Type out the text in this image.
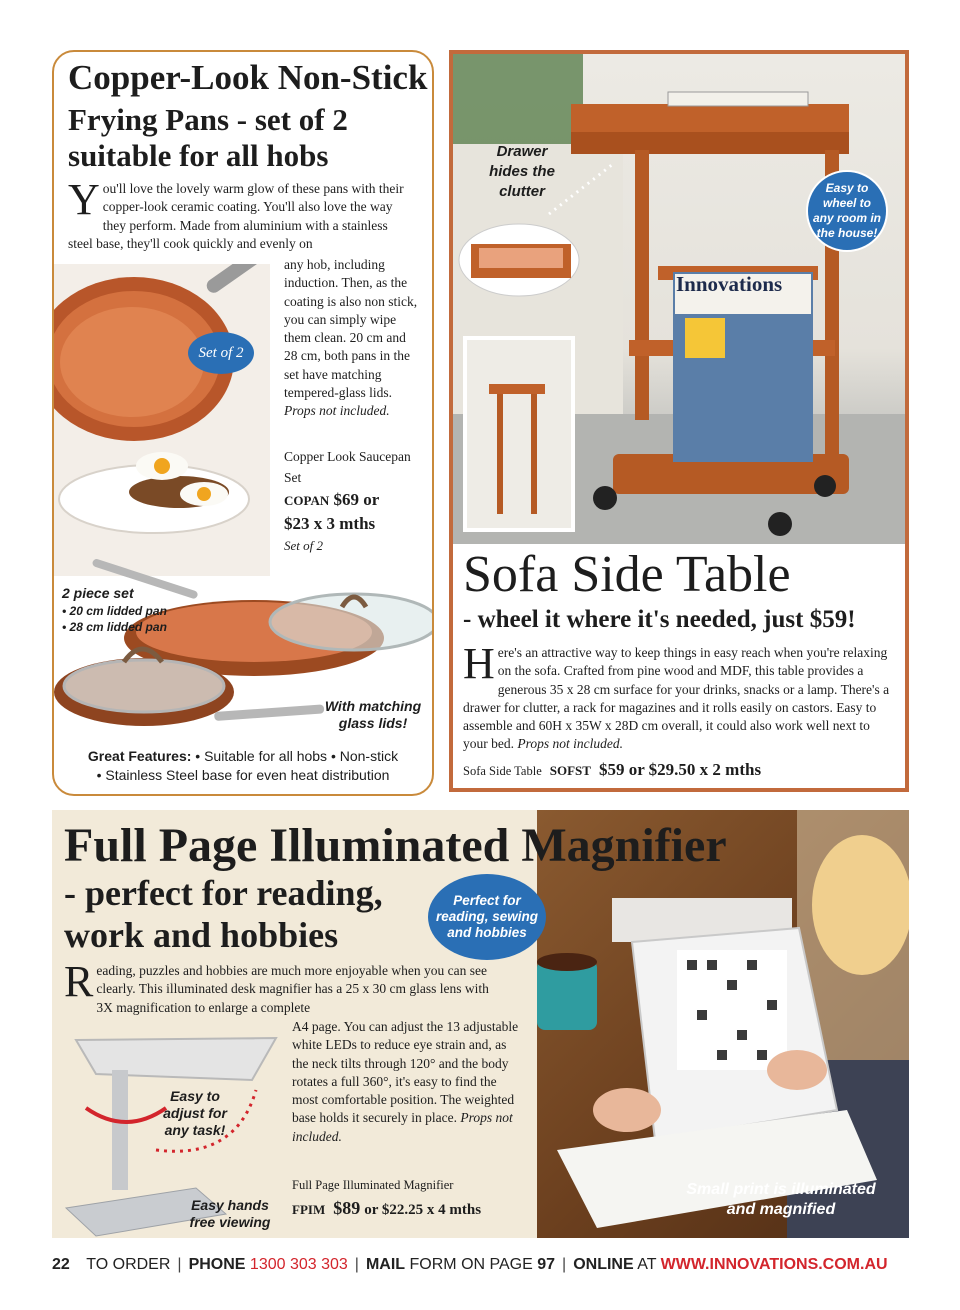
Copper-Look Non-Stick
Frying Pans - set of 2 suitable for all hobs
You'll love the lovely warm glow of these pans with their copper-look ceramic coating. You'll also love the way they perform. Made from aluminium with a stainless steel base, they'll cook quickly and evenly on
Set of 2
any hob, including induction. Then, as the coating is also non stick, you can simply wipe them clean. 20 cm and 28 cm, both pans in the set have matching tempered-glass lids. Props not included.
Copper Look Saucepan Set
COPAN $69 or
$23 x 3 mths
Set of 2
2 piece set
• 20 cm lidded pan
• 28 cm lidded pan
With matching glass lids!
Great Features: • Suitable for all hobs • Non-stick
• Stainless Steel base for even heat distribution
Drawer hides the clutter	Easy to wheel to any room in the house!
Innovations
Sofa Side Table
- wheel it where it's needed, just $59!
Here's an attractive way to keep things in easy reach when you're relaxing on the sofa. Crafted from pine wood and MDF, this table provides a generous 35 x 28 cm surface for your drinks, snacks or a lamp. There's a drawer for clutter, a rack for magazines and it rolls easily on castors. Easy to assemble and 60H x 35W x 28D cm overall, it could also work well next to your bed. Props not included.
Sofa Side Table SOFST $59 or $29.50 x 2 mths
Full Page Illuminated Magnifier
- perfect for reading,
work and hobbies
Perfect for reading, sewing and hobbies
Reading, puzzles and hobbies are much more enjoyable when you can see clearly. This illuminated desk magnifier has a 25 x 30 cm glass lens with 3X magnification to enlarge a complete
Easy to adjust for any task!
Easy hands free viewing
A4 page. You can adjust the 13 adjustable white LEDs to reduce eye strain and, as the neck tilts through 120° and the body rotates a full 360°, it's easy to find the most comfortable position. The weighted base holds it securely in place. Props not included.
Full Page Illuminated Magnifier
FPIM $89 or $22.25 x 4 mths
Small print is illuminated and magnified
22 TO ORDER | PHONE 1300 303 303 | MAIL FORM ON PAGE 97 | ONLINE AT WWW.INNOVATIONS.COM.AU
